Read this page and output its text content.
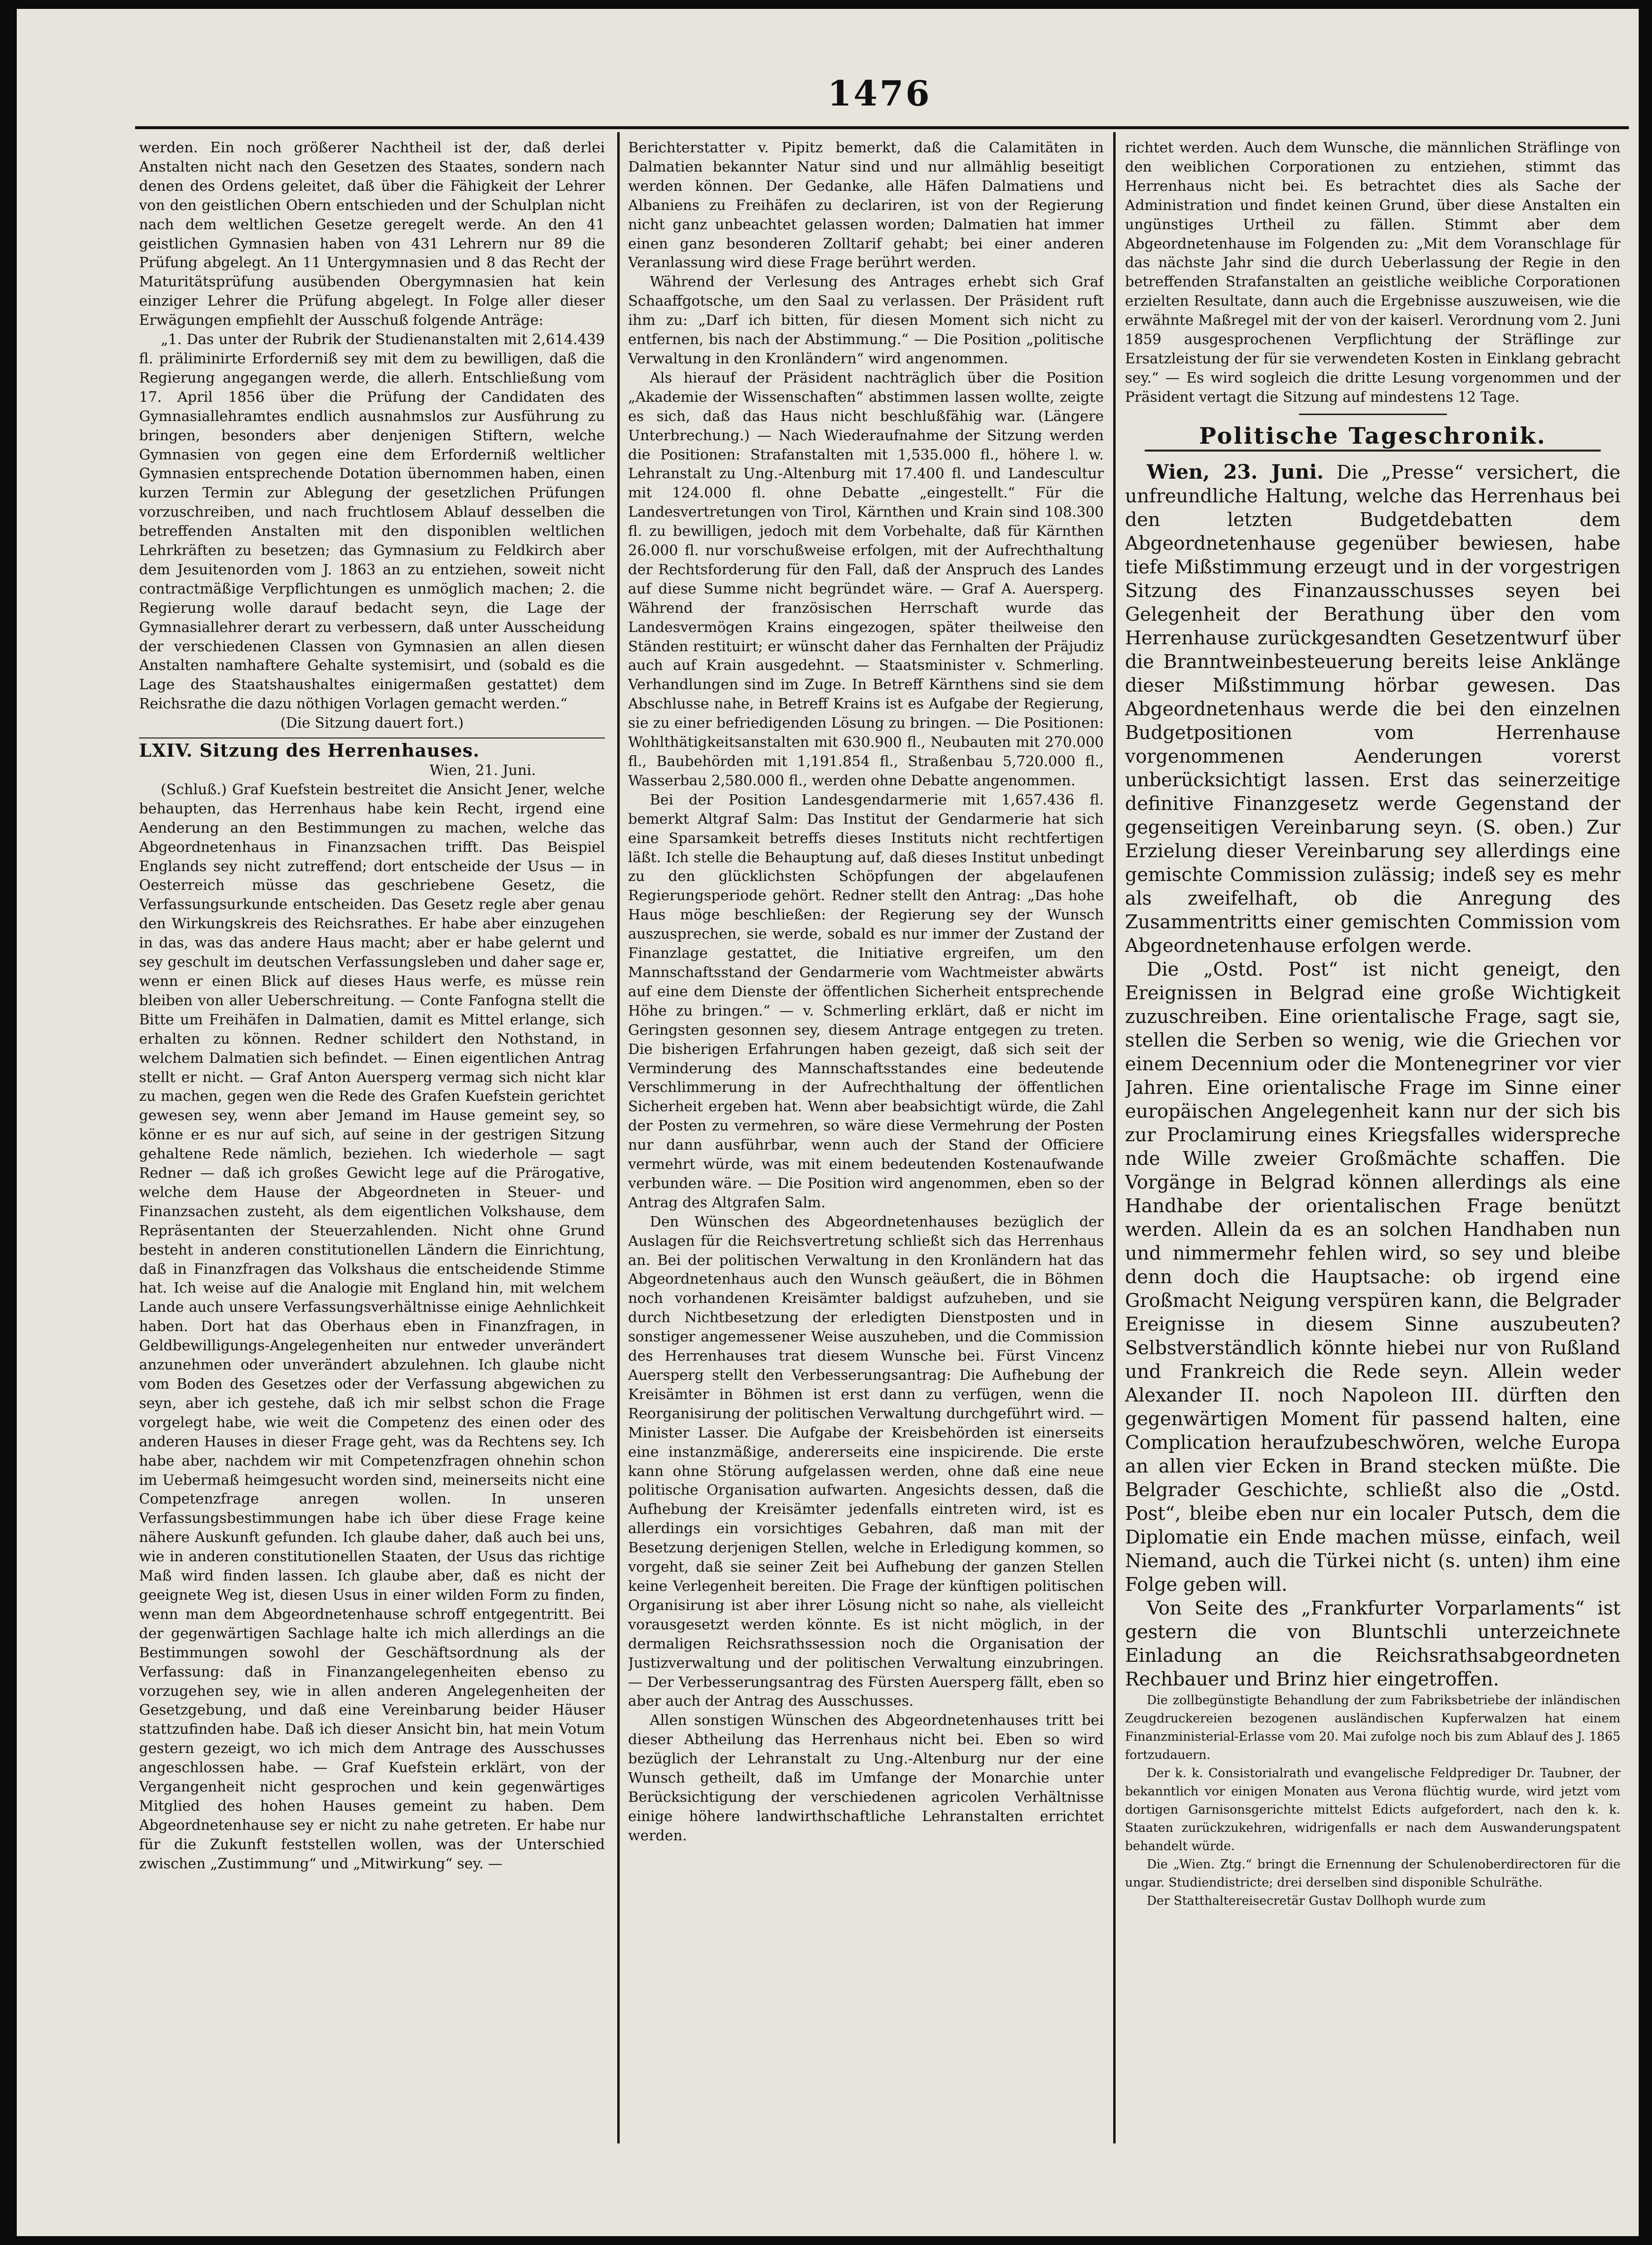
1476

werden. Ein noch größerer Nachtheil ist der, daß derlei Anstalten nicht nach den Gesetzen des Staates, sondern nach denen des Ordens geleitet, daß über die Fähigkeit der Lehrer von den geistlichen Obern entschieden und der Schulplan nicht nach dem weltlichen Gesetze geregelt werde. An den 41 geistlichen Gymnasien haben von 431 Lehrern nur 89 die Prüfung abgelegt. An 11 Untergymnasien und 8 das Recht der Maturitätsprüfung ausübenden Obergymnasien hat kein einziger Lehrer die Prüfung abgelegt. In Folge aller dieser Erwägungen empfiehlt der Ausschuß folgende Anträge:

„1. Das unter der Rubrik der Studienanstalten mit 2,614.439 fl. präliminirte Erforderniß sey mit dem zu bewilligen, daß die Regierung angegangen werde, die allerh. Entschließung vom 17. April 1856 über die Prüfung der Candidaten des Gymnasiallehramtes endlich ausnahmslos zur Ausführung zu bringen, besonders aber denjenigen Stiftern, welche Gymnasien von gegen eine dem Erforderniß weltlicher Gymnasien entsprechende Dotation übernommen haben, einen kurzen Termin zur Ablegung der gesetzlichen Prüfungen vorzuschreiben, und nach fruchtlosem Ablauf desselben die betreffenden Anstalten mit den disponiblen weltlichen Lehrkräften zu besetzen; das Gymnasium zu Feldkirch aber dem Jesuitenorden vom J. 1863 an zu entziehen, soweit nicht contractmäßige Verpflichtungen es unmöglich machen; 2. die Regierung wolle darauf bedacht seyn, die Lage der Gymnasiallehrer derart zu verbessern, daß unter Ausscheidung der verschiedenen Classen von Gymnasien an allen diesen Anstalten namhaftere Gehalte systemisirt, und (sobald es die Lage des Staatshaushaltes einigermaßen gestattet) dem Reichsrathe die dazu nöthigen Vorlagen gemacht werden.“

(Die Sitzung dauert fort.)

LXIV. Sitzung des Herrenhauses.

Wien, 21. Juni.

(Schluß.) Graf Kuefstein bestreitet die Ansicht Jener, welche behaupten, das Herrenhaus habe kein Recht, irgend eine Aenderung an den Bestimmungen zu machen, welche das Abgeordnetenhaus in Finanzsachen trifft. Das Beispiel Englands sey nicht zutreffend; dort entscheide der Usus — in Oesterreich müsse das geschriebene Gesetz, die Verfassungsurkunde entscheiden. Das Gesetz regle aber genau den Wirkungskreis des Reichsrathes. Er habe aber einzugehen in das, was das andere Haus macht; aber er habe gelernt und sey geschult im deutschen Verfassungsleben und daher sage er, wenn er einen Blick auf dieses Haus werfe, es müsse rein bleiben von aller Ueberschreitung. — Conte Fanfogna stellt die Bitte um Freihäfen in Dalmatien, damit es Mittel erlange, sich erhalten zu können. Redner schildert den Nothstand, in welchem Dalmatien sich befindet. — Einen eigentlichen Antrag stellt er nicht. — Graf Anton Auersperg vermag sich nicht klar zu machen, gegen wen die Rede des Grafen Kuefstein gerichtet gewesen sey, wenn aber Jemand im Hause gemeint sey, so könne er es nur auf sich, auf seine in der gestrigen Sitzung gehaltene Rede nämlich, beziehen. Ich wiederhole — sagt Redner — daß ich großes Gewicht lege auf die Prärogative, welche dem Hause der Abgeordneten in Steuer- und Finanzsachen zusteht, als dem eigentlichen Volkshause, dem Repräsentanten der Steuerzahlenden. Nicht ohne Grund besteht in anderen constitutionellen Ländern die Einrichtung, daß in Finanzfragen das Volkshaus die entscheidende Stimme hat. Ich weise auf die Analogie mit England hin, mit welchem Lande auch unsere Verfassungsverhältnisse einige Aehnlichkeit haben. Dort hat das Oberhaus eben in Finanzfragen, in Geldbewilligungs-Angelegenheiten nur entweder unverändert anzunehmen oder unverändert abzulehnen. Ich glaube nicht vom Boden des Gesetzes oder der Verfassung abgewichen zu seyn, aber ich gestehe, daß ich mir selbst schon die Frage vorgelegt habe, wie weit die Competenz des einen oder des anderen Hauses in dieser Frage geht, was da Rechtens sey. Ich habe aber, nachdem wir mit Competenzfragen ohnehin schon im Uebermaß heimgesucht worden sind, meinerseits nicht eine Competenzfrage anregen wollen. In unseren Verfassungsbestimmungen habe ich über diese Frage keine nähere Auskunft gefunden. Ich glaube daher, daß auch bei uns, wie in anderen constitutionellen Staaten, der Usus das richtige Maß wird finden lassen. Ich glaube aber, daß es nicht der geeignete Weg ist, diesen Usus in einer wilden Form zu finden, wenn man dem Abgeordnetenhause schroff entgegentritt. Bei der gegenwärtigen Sachlage halte ich mich allerdings an die Bestimmungen sowohl der Geschäftsordnung als der Verfassung: daß in Finanzangelegenheiten ebenso zu vorzugehen sey, wie in allen anderen Angelegenheiten der Gesetzgebung, und daß eine Vereinbarung beider Häuser stattzufinden habe. Daß ich dieser Ansicht bin, hat mein Votum gestern gezeigt, wo ich mich dem Antrage des Ausschusses angeschlossen habe. — Graf Kuefstein erklärt, von der Vergangenheit nicht gesprochen und kein gegenwärtiges Mitglied des hohen Hauses gemeint zu haben. Dem Abgeordnetenhause sey er nicht zu nahe getreten. Er habe nur für die Zukunft feststellen wollen, was der Unterschied zwischen „Zustimmung“ und „Mitwirkung“ sey. —

Berichterstatter v. Pipitz bemerkt, daß die Calamitäten in Dalmatien bekannter Natur sind und nur allmählig beseitigt werden können. Der Gedanke, alle Häfen Dalmatiens und Albaniens zu Freihäfen zu declariren, ist von der Regierung nicht ganz unbeachtet gelassen worden; Dalmatien hat immer einen ganz besonderen Zolltarif gehabt; bei einer anderen Veranlassung wird diese Frage berührt werden.

Während der Verlesung des Antrages erhebt sich Graf Schaaffgotsche, um den Saal zu verlassen. Der Präsident ruft ihm zu: „Darf ich bitten, für diesen Moment sich nicht zu entfernen, bis nach der Abstimmung.“ — Die Position „politische Verwaltung in den Kronländern“ wird angenommen.

Als hierauf der Präsident nachträglich über die Position „Akademie der Wissenschaften“ abstimmen lassen wollte, zeigte es sich, daß das Haus nicht beschlußfähig war. (Längere Unterbrechung.) — Nach Wiederaufnahme der Sitzung werden die Positionen: Strafanstalten mit 1,535.000 fl., höhere l. w. Lehranstalt zu Ung.-Altenburg mit 17.400 fl. und Landescultur mit 124.000 fl. ohne Debatte „eingestellt.“ Für die Landesvertretungen von Tirol, Kärnthen und Krain sind 108.300 fl. zu bewilligen, jedoch mit dem Vorbehalte, daß für Kärnthen 26.000 fl. nur vorschußweise erfolgen, mit der Aufrechthaltung der Rechtsforderung für den Fall, daß der Anspruch des Landes auf diese Summe nicht begründet wäre. — Graf A. Auersperg. Während der französischen Herrschaft wurde das Landesvermögen Krains eingezogen, später theilweise den Ständen restituirt; er wünscht daher das Fernhalten der Präjudiz auch auf Krain ausgedehnt. — Staatsminister v. Schmerling. Verhandlungen sind im Zuge. In Betreff Kärnthens sind sie dem Abschlusse nahe, in Betreff Krains ist es Aufgabe der Regierung, sie zu einer befriedigenden Lösung zu bringen. — Die Positionen: Wohlthätigkeitsanstalten mit 630.900 fl., Neubauten mit 270.000 fl., Baubehörden mit 1,191.854 fl., Straßenbau 5,720.000 fl., Wasserbau 2,580.000 fl., werden ohne Debatte angenommen.

Bei der Position Landesgendarmerie mit 1,657.436 fl. bemerkt Altgraf Salm: Das Institut der Gendarmerie hat sich eine Sparsamkeit betreffs dieses Instituts nicht rechtfertigen läßt. Ich stelle die Behauptung auf, daß dieses Institut unbedingt zu den glücklichsten Schöpfungen der abgelaufenen Regierungsperiode gehört. Redner stellt den Antrag: „Das hohe Haus möge beschließen: der Regierung sey der Wunsch auszusprechen, sie werde, sobald es nur immer der Zustand der Finanzlage gestattet, die Initiative ergreifen, um den Mannschaftsstand der Gendarmerie vom Wachtmeister abwärts auf eine dem Dienste der öffentlichen Sicherheit entsprechende Höhe zu bringen.“ — v. Schmerling erklärt, daß er nicht im Geringsten gesonnen sey, diesem Antrage entgegen zu treten. Die bisherigen Erfahrungen haben gezeigt, daß sich seit der Verminderung des Mannschaftsstandes eine bedeutende Verschlimmerung in der Aufrechthaltung der öffentlichen Sicherheit ergeben hat. Wenn aber beabsichtigt würde, die Zahl der Posten zu vermehren, so wäre diese Vermehrung der Posten nur dann ausführbar, wenn auch der Stand der Officiere vermehrt würde, was mit einem bedeutenden Kostenaufwande verbunden wäre. — Die Position wird angenommen, eben so der Antrag des Altgrafen Salm.

Den Wünschen des Abgeordnetenhauses bezüglich der Auslagen für die Reichsvertretung schließt sich das Herrenhaus an. Bei der politischen Verwaltung in den Kronländern hat das Abgeordnetenhaus auch den Wunsch geäußert, die in Böhmen noch vorhandenen Kreisämter baldigst aufzuheben, und sie durch Nichtbesetzung der erledigten Dienstposten und in sonstiger angemessener Weise auszuheben, und die Commission des Herrenhauses trat diesem Wunsche bei. Fürst Vincenz Auersperg stellt den Verbesserungsantrag: Die Aufhebung der Kreisämter in Böhmen ist erst dann zu verfügen, wenn die Reorganisirung der politischen Verwaltung durchgeführt wird. — Minister Lasser. Die Aufgabe der Kreisbehörden ist einerseits eine instanzmäßige, andererseits eine inspicirende. Die erste kann ohne Störung aufgelassen werden, ohne daß eine neue politische Organisation aufwarten. Angesichts dessen, daß die Aufhebung der Kreisämter jedenfalls eintreten wird, ist es allerdings ein vorsichtiges Gebahren, daß man mit der Besetzung derjenigen Stellen, welche in Erledigung kommen, so vorgeht, daß sie seiner Zeit bei Aufhebung der ganzen Stellen keine Verlegenheit bereiten. Die Frage der künftigen politischen Organisirung ist aber ihrer Lösung nicht so nahe, als vielleicht vorausgesetzt werden könnte. Es ist nicht möglich, in der dermaligen Reichsrathssession noch die Organisation der Justizverwaltung und der politischen Verwaltung einzubringen. — Der Verbesserungsantrag des Fürsten Auersperg fällt, eben so aber auch der Antrag des Ausschusses.

Allen sonstigen Wünschen des Abgeordnetenhauses tritt bei dieser Abtheilung das Herrenhaus nicht bei. Eben so wird bezüglich der Lehranstalt zu Ung.-Altenburg nur der eine Wunsch getheilt, daß im Umfange der Monarchie unter Berücksichtigung der verschiedenen agricolen Verhältnisse einige höhere landwirthschaftliche Lehranstalten errichtet werden.

richtet werden. Auch dem Wunsche, die männlichen Sträflinge von den weiblichen Corporationen zu entziehen, stimmt das Herrenhaus nicht bei. Es betrachtet dies als Sache der Administration und findet keinen Grund, über diese Anstalten ein ungünstiges Urtheil zu fällen. Stimmt aber dem Abgeordnetenhause im Folgenden zu: „Mit dem Voranschlage für das nächste Jahr sind die durch Ueberlassung der Regie in den betreffenden Strafanstalten an geistliche weibliche Corporationen erzielten Resultate, dann auch die Ergebnisse auszuweisen, wie die erwähnte Maßregel mit der von der kaiserl. Verordnung vom 2. Juni 1859 ausgesprochenen Verpflichtung der Sträflinge zur Ersatzleistung der für sie verwendeten Kosten in Einklang gebracht sey.“ — Es wird sogleich die dritte Lesung vorgenommen und der Präsident vertagt die Sitzung auf mindestens 12 Tage.

Politische Tageschronik.

Wien, 23. Juni. Die „Presse“ versichert, die unfreundliche Haltung, welche das Herrenhaus bei den letzten Budgetdebatten dem Abgeordnetenhause gegenüber bewiesen, habe tiefe Mißstimmung erzeugt und in der vorgestrigen Sitzung des Finanzausschusses seyen bei Gelegenheit der Berathung über den vom Herrenhause zurückgesandten Gesetzentwurf über die Branntweinbesteuerung bereits leise Anklänge dieser Mißstimmung hörbar gewesen. Das Abgeordnetenhaus werde die bei den einzelnen Budgetpositionen vom Herrenhause vorgenommenen Aenderungen vorerst unberücksichtigt lassen. Erst das seinerzeitige definitive Finanzgesetz werde Gegenstand der gegenseitigen Vereinbarung seyn. (S. oben.) Zur Erzielung dieser Vereinbarung sey allerdings eine gemischte Commission zulässig; indeß sey es mehr als zweifelhaft, ob die Anregung des Zusammentritts einer gemischten Commission vom Abgeordnetenhause erfolgen werde.

Die „Ostd. Post“ ist nicht geneigt, den Ereignissen in Belgrad eine große Wichtigkeit zuzuschreiben. Eine orientalische Frage, sagt sie, stellen die Serben so wenig, wie die Griechen vor einem Decennium oder die Montenegriner vor vier Jahren. Eine orientalische Frage im Sinne einer europäischen Angelegenheit kann nur der sich bis zur Proclamirung eines Kriegsfalles widerspreche nde Wille zweier Großmächte schaffen. Die Vorgänge in Belgrad können allerdings als eine Handhabe der orientalischen Frage benützt werden. Allein da es an solchen Handhaben nun und nimmermehr fehlen wird, so sey und bleibe denn doch die Hauptsache: ob irgend eine Großmacht Neigung verspüren kann, die Belgrader Ereignisse in diesem Sinne auszubeuten? Selbstverständlich könnte hiebei nur von Rußland und Frankreich die Rede seyn. Allein weder Alexander II. noch Napoleon III. dürften den gegenwärtigen Moment für passend halten, eine Complication heraufzubeschwören, welche Europa an allen vier Ecken in Brand stecken müßte. Die Belgrader Geschichte, schließt also die „Ostd. Post“, bleibe eben nur ein localer Putsch, dem die Diplomatie ein Ende machen müsse, einfach, weil Niemand, auch die Türkei nicht (s. unten) ihm eine Folge geben will.

Von Seite des „Frankfurter Vorparlaments“ ist gestern die von Bluntschli unterzeichnete Einladung an die Reichsrathsabgeordneten Rechbauer und Brinz hier eingetroffen.

Die zollbegünstigte Behandlung der zum Fabriksbetriebe der inländischen Zeugdruckereien bezogenen ausländischen Kupferwalzen hat einem Finanzministerial-Erlasse vom 20. Mai zufolge noch bis zum Ablauf des J. 1865 fortzudauern.

Der k. k. Consistorialrath und evangelische Feldprediger Dr. Taubner, der bekanntlich vor einigen Monaten aus Verona flüchtig wurde, wird jetzt vom dortigen Garnisonsgerichte mittelst Edicts aufgefordert, nach den k. k. Staaten zurückzukehren, widrigenfalls er nach dem Auswanderungspatent behandelt würde.

Die „Wien. Ztg.“ bringt die Ernennung der Schulenoberdirectoren für die ungar. Studiendistricte; drei derselben sind disponible Schulräthe.

Der Statthaltereisecretär Gustav Dollhoph wurde zum
